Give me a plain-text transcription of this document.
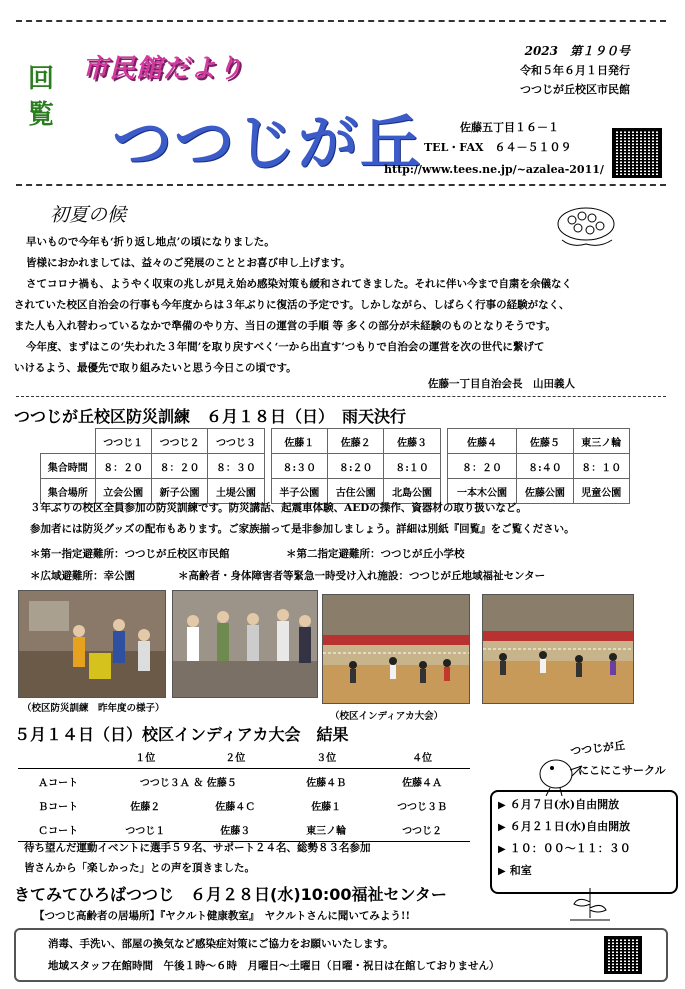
回
覧
市民館だより
つつじが丘
2023　第１９０号
令和５年６月１日発行
つつじが丘校区市民館
佐藤五丁目１６－１
TEL・FAX　６４－５１０９
http://www.tees.ne.jp/~azalea-2011/
初夏の候
早いもので今年も‘折り返し地点’の頃になりました。
皆様におかれましては、益々のご発展のこととお喜び申し上げます。
さてコロナ禍も、ようやく収束の兆しが見え始め感染対策も緩和されてきました。それに伴い今まで自粛を余儀なく
されていた校区自治会の行事も今年度からは３年ぶりに復活の予定です。しかしながら、しばらく行事の経験がなく、
また人も入れ替わっているなかで準備のやり方、当日の運営の手順 等 多くの部分が未経験のものとなりそうです。
今年度、まずはこの‘失われた３年間’を取り戻すべく‘一から出直す’つもりで自治会の運営を次の世代に繋げて
いけるよう、最優先で取り組みたいと思う今日この頃です。
佐藤一丁目自治会長　山田義人
つつじが丘校区防災訓練　６月１８日（日）　雨天決行
	つつじ１	つつじ２	つつじ３		佐藤１	佐藤２	佐藤３		佐藤４	佐藤５	東三ノ輪
集合時間	８：２０	８：２０	８：３０		８:３０	８:２０	８:１０		８：２０	８:４０	８：１０
集合場所	立会公園	新子公園	土堤公園		半子公園	古住公園	北島公園		一本木公園	佐藤公園	児童公園
３年ぶりの校区全員参加の防災訓練です。防災講話、起震車体験、AEDの操作、資器材の取り扱いなど。
参加者には防災グッズの配布もあります。ご家族揃って是非参加しましょう。詳細は別紙『回覧』をご覧ください。
＊第一指定避難所：つつじが丘校区市民館	＊第二指定避難所：つつじが丘小学校
＊広域避難所：幸公園	＊高齢者・身体障害者等緊急一時受け入れ施設：つつじが丘地域福祉センター
（校区防災訓練　昨年度の様子）
（校区インディアカ大会）
５月１４日（日）校区インディアカ大会　結果
	１位	２位	３位	４位
Ａコート	つつじ３Ａ ＆ 佐藤５		佐藤４Ｂ	佐藤４Ａ
Ｂコート	佐藤２	佐藤４Ｃ	佐藤１	つつじ３Ｂ
Ｃコート	つつじ１	佐藤３	東三ノ輪	つつじ２
待ち望んだ運動イベントに選手５９名、サポート２４名、総勢８３名参加
皆さんから「楽しかった」との声を頂きました。
つつじが丘
にこにこサークル
▶ ６月７日(水)自由開放
▶ ６月２１日(水)自由開放
▶ １０：００～１１：３０
▶ 和室
きてみてひろばつつじ　６月２８日(水)10:00福祉センター
【つつじ高齢者の居場所】『ヤクルト健康教室』　ヤクルトさんに聞いてみよう!!
消毒、手洗い、部屋の換気など感染症対策にご協力をお願いいたします。
地域スタッフ在館時間　午後１時～６時　月曜日～土曜日（日曜・祝日は在館しておりません）
